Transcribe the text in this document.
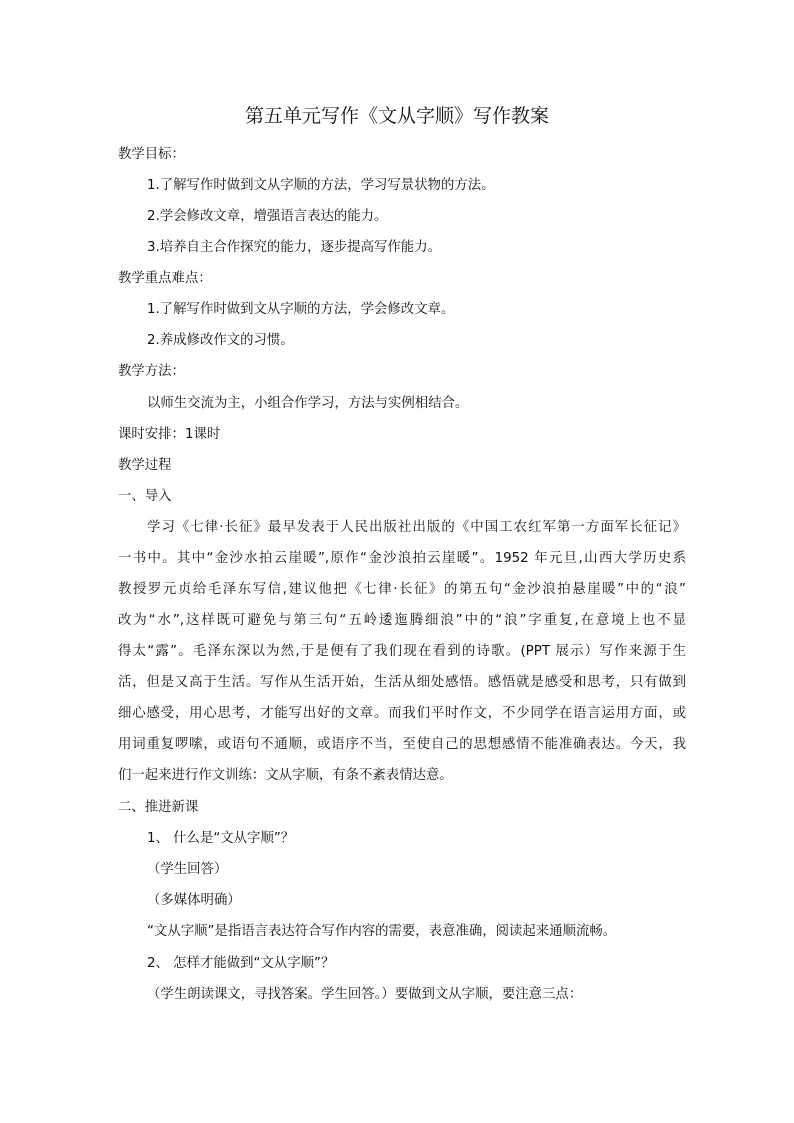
第五单元写作《文从字顺》写作教案
教学目标：
1.了解写作时做到文从字顺的方法，学习写景状物的方法。
2.学会修改文章，增强语言表达的能力。
3.培养自主合作探究的能力，逐步提高写作能力。
教学重点难点：
1.了解写作时做到文从字顺的方法，学会修改文章。
2.养成修改作文的习惯。
教学方法：
以师生交流为主，小组合作学习，方法与实例相结合。
课时安排：1课时
教学过程
一、导入
学习《七律·长征》最早发表于人民出版社出版的《中国工农红军第一方面军长征记》
一书中。其中“金沙水拍云崖暖”,原作“金沙浪拍云崖暖”。1952 年元旦,山西大学历史系
教授罗元贞给毛泽东写信,建议他把《七律·长征》的第五句“金沙浪拍悬崖暖”中的“浪”
改为“水”,这样既可避免与第三句“五岭逶迤腾细浪”中的“浪”字重复,在意境上也不显
得太“露”。毛泽东深以为然,于是便有了我们现在看到的诗歌。(PPT 展示）写作来源于生
活，但是又高于生活。写作从生活开始，生活从细处感悟。感悟就是感受和思考，只有做到
细心感受，用心思考，才能写出好的文章。而我们平时作文，不少同学在语言运用方面，或
用词重复啰嗦，或语句不通顺，或语序不当，至使自己的思想感情不能准确表达。今天，我
们一起来进行作文训练：文从字顺，有条不紊表情达意。
二、推进新课
1、 什么是“文从字顺”？
（学生回答）
（多媒体明确）
“文从字顺”是指语言表达符合写作内容的需要，表意准确，阅读起来通顺流畅。
2、 怎样才能做到“文从字顺”？
（学生朗读课文，寻找答案。学生回答。）要做到文从字顺，要注意三点：
